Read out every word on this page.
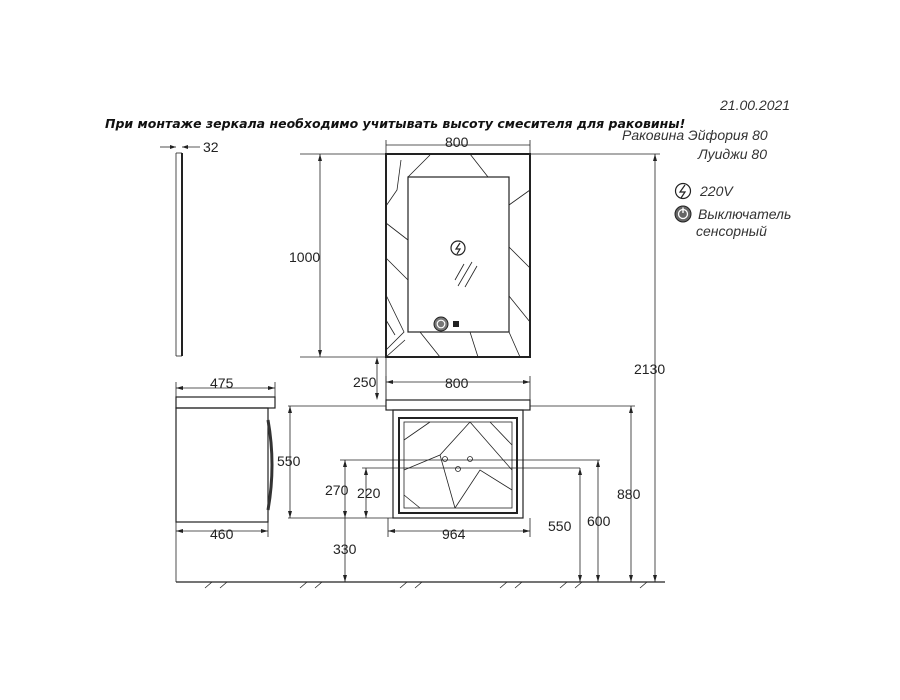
21.00.2021
При монтаже зеркала необходимо учитывать высоту смесителя для раковины!
Раковина Эйфория 80
Луиджи 80
220V
Выключатель
сенсорный
32	800
1000
2130
475
460
250	800
550
880
270 220
550 600
964
330
